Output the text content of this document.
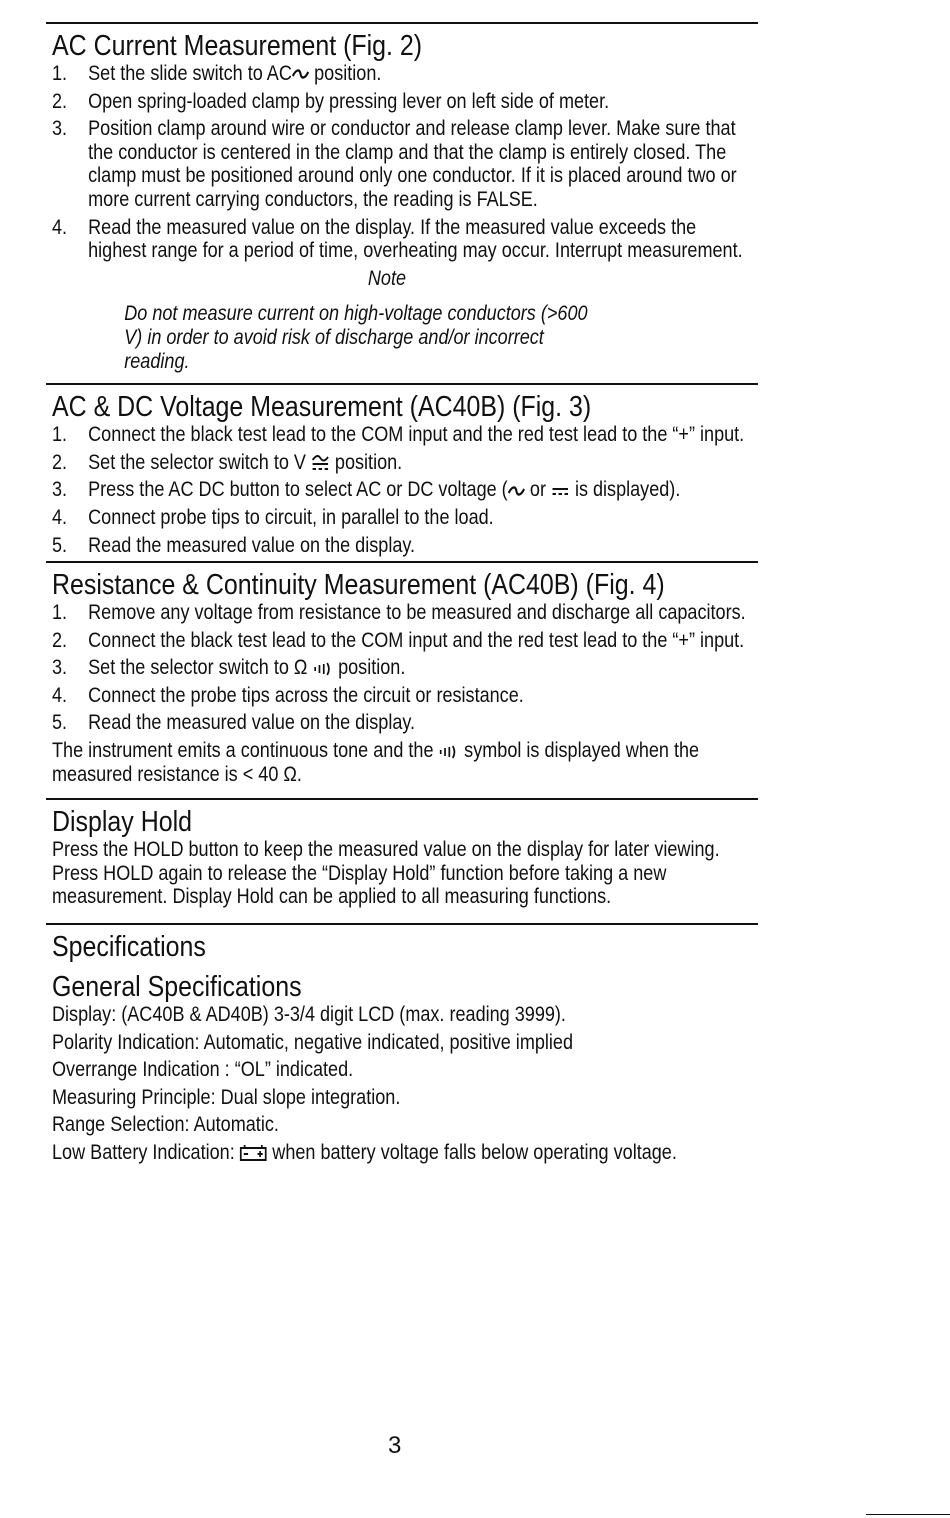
AC Current Measurement (Fig. 2)
1. Set the slide switch to AC position.
2. Open spring-loaded clamp by pressing lever on left side of meter.
3. Position clamp around wire or conductor and release clamp lever. Make sure that the conductor is centered in the clamp and that the clamp is entirely closed. The clamp must be positioned around only one conductor. If it is placed around two or more current carrying conductors, the reading is FALSE.
4. Read the measured value on the display. If the measured value exceeds the highest range for a period of time, overheating may occur. Interrupt measurement.
Note
Do not measure current on high-voltage conductors (>600 V) in order to avoid risk of discharge and/or incorrect reading.
AC & DC Voltage Measurement (AC40B) (Fig. 3)
1. Connect the black test lead to the COM input and the red test lead to the “+” input.
2. Set the selector switch to V  position.
3. Press the AC DC button to select AC or DC voltage ( or  is displayed).
4. Connect probe tips to circuit, in parallel to the load.
5. Read the measured value on the display.
Resistance & Continuity Measurement (AC40B) (Fig. 4)
1. Remove any voltage from resistance to be measured and discharge all capacitors.
2. Connect the black test lead to the COM input and the red test lead to the “+” input.
3. Set the selector switch to Ω  position.
4. Connect the probe tips across the circuit or resistance.
5. Read the measured value on the display.

The instrument emits a continuous tone and the  symbol is displayed when the measured resistance is < 40 Ω.

Display Hold

Press the HOLD button to keep the measured value on the display for later viewing. Press HOLD again to release the “Display Hold” function before taking a new measurement. Display Hold can be applied to all measuring functions.

Specifications
General Specifications
Display: (AC40B & AD40B) 3-3/4 digit LCD (max. reading 3999).
Polarity Indication: Automatic, negative indicated, positive implied
Overrange Indication : “OL” indicated.
Measuring Principle: Dual slope integration.
Range Selection: Automatic.
Low Battery Indication:  when battery voltage falls below operating voltage.
3
